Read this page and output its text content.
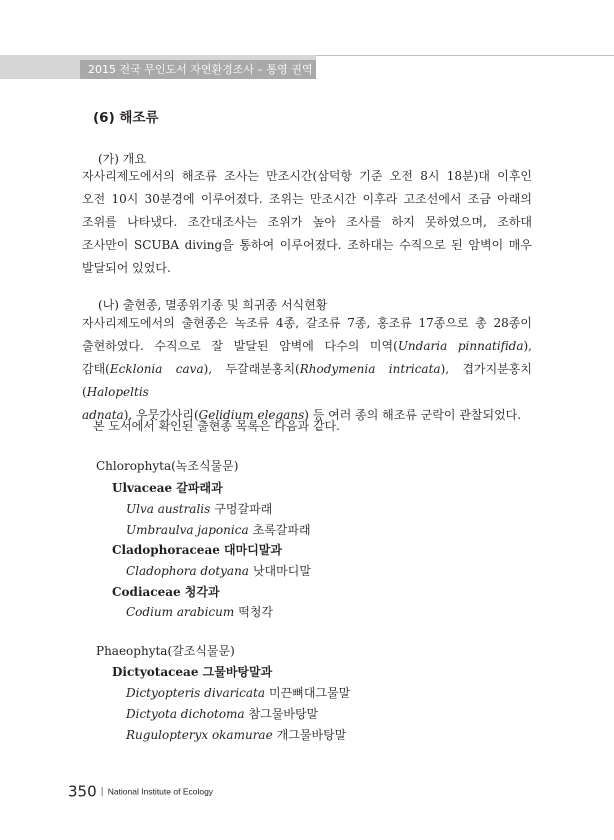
2015 전국 무인도서 자연환경조사 – 통영 권역
(6) 해조류
(가) 개요
자사리제도에서의 해조류 조사는 만조시간(삼덕항 기준 오전 8시 18분)대 이후인
오전 10시 30분경에 이루어졌다. 조위는 만조시간 이후라 고조선에서 조금 아래의
조위를 나타냈다. 조간대조사는 조위가 높아 조사를 하지 못하였으며, 조하대
조사만이 SCUBA diving을 통하여 이루어졌다. 조하대는 수직으로 된 암벽이 매우
발달되어 있었다.
(나) 출현종, 멸종위기종 및 희귀종 서식현황
자사리제도에서의 출현종은 녹조류 4종, 갈조류 7종, 홍조류 17종으로 총 28종이
출현하였다. 수직으로 잘 발달된 암벽에 다수의 미역(Undaria pinnatifida),
감태(Ecklonia cava), 두갈래분홍치(Rhodymenia intricata), 겹가지분홍치(Halopeltis
adnata), 우뭇가사리(Gelidium elegans) 등 여러 종의 해조류 군락이 관찰되었다.
본 도서에서 확인된 출현종 목록은 다음과 같다.
Chlorophyta(녹조식물문)
Ulvaceae 갈파래과
Ulva australis 구멍갈파래
Umbraulva japonica 초록갈파래
Cladophoraceae 대마디말과
Cladophora dotyana 낫대마디말
Codiaceae 청각과
Codium arabicum 떡청각
Phaeophyta(갈조식물문)
Dictyotaceae 그물바탕말과
Dictyopteris divaricata 미끈뼈대그물말
Dictyota dichotoma 참그물바탕말
Rugulopteryx okamurae 개그물바탕말
350 | National Institute of Ecology
